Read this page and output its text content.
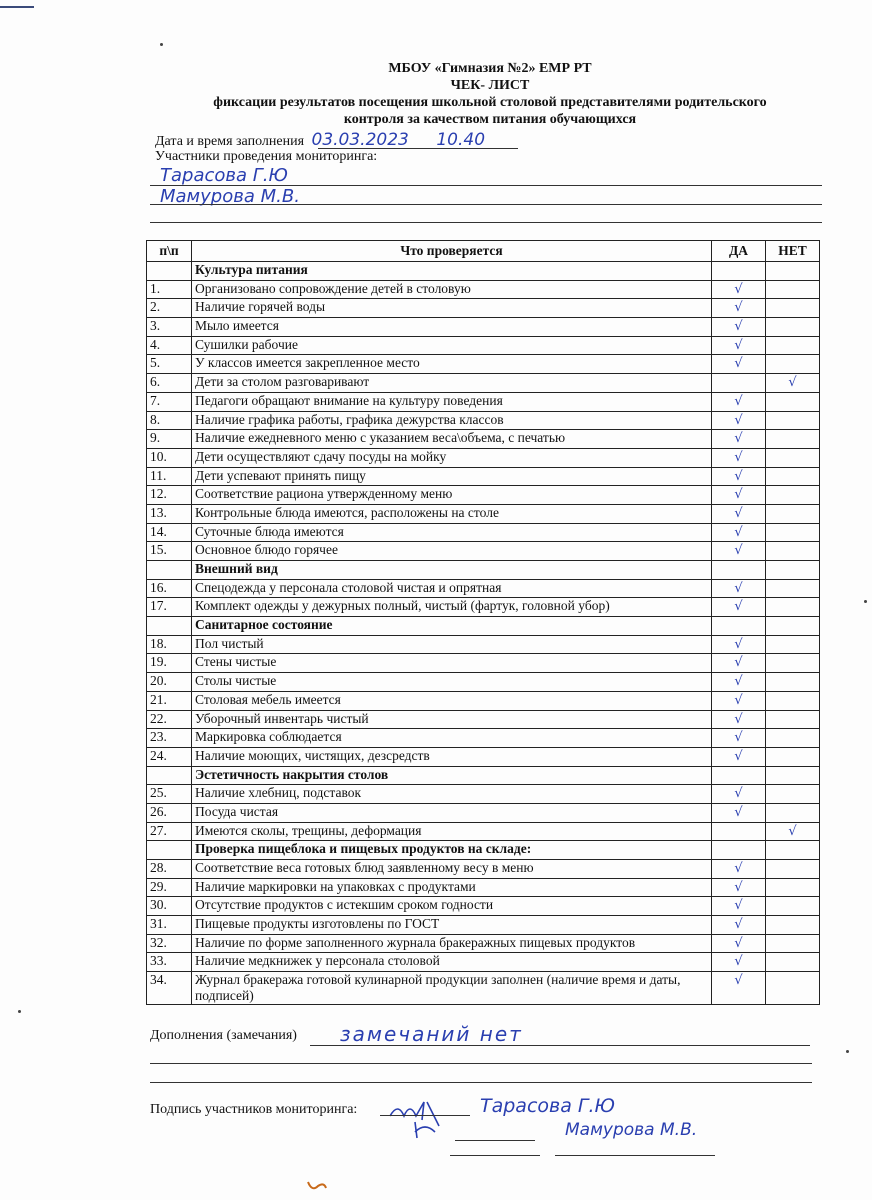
МБОУ «Гимназия №2» ЕМР РТ
ЧЕК- ЛИСТ
фиксации результатов посещения школьной столовой представителями родительского
контроля за качеством питания обучающихся
Дата и время заполнения 03.03.2023 10.40
Участники проведения мониторинга:
Тарасова Г.Ю
Мамурова М.В.
п\п	Что проверяется	ДА	НЕТ
	Культура питания		
1.	Организовано сопровождение детей в столовую	√	
2.	Наличие горячей воды	√	
3.	Мыло имеется	√	
4.	Сушилки рабочие	√	
5.	У классов имеется закрепленное место	√	
6.	Дети за столом разговаривают		√
7.	Педагоги обращают внимание на культуру поведения	√	
8.	Наличие графика работы, графика дежурства классов	√	
9.	Наличие ежедневного меню с указанием веса\объема, с печатью	√	
10.	Дети осуществляют сдачу посуды на мойку	√	
11.	Дети успевают принять пищу	√	
12.	Соответствие рациона утвержденному меню	√	
13.	Контрольные блюда имеются, расположены на столе	√	
14.	Суточные блюда имеются	√	
15.	Основное блюдо горячее	√	
	Внешний вид		
16.	Спецодежда у персонала столовой чистая и опрятная	√	
17.	Комплект одежды у дежурных полный, чистый (фартук, головной убор)	√	
	Санитарное состояние		
18.	Пол чистый	√	
19.	Стены чистые	√	
20.	Столы чистые	√	
21.	Столовая мебель имеется	√	
22.	Уборочный инвентарь чистый	√	
23.	Маркировка соблюдается	√	
24.	Наличие моющих, чистящих, дезсредств	√	
	Эстетичность накрытия столов		
25.	Наличие хлебниц, подставок	√	
26.	Посуда чистая	√	
27.	Имеются сколы, трещины, деформация		√
	Проверка пищеблока и пищевых продуктов на складе:		
28.	Соответствие веса готовых блюд заявленному весу в меню	√	
29.	Наличие маркировки на упаковках с продуктами	√	
30.	Отсутствие продуктов с истекшим сроком годности	√	
31.	Пищевые продукты изготовлены по ГОСТ	√	
32.	Наличие по форме заполненного журнала бракеражных пищевых продуктов	√	
33.	Наличие медкнижек у персонала столовой	√	
34.	Журнал бракеража готовой кулинарной продукции заполнен (наличие время и даты, подписей)	√	
Дополнения (замечания) замечаний нет
Подпись участников мониторинга:	Тарасова Г.Ю
Мамурова М.В.
